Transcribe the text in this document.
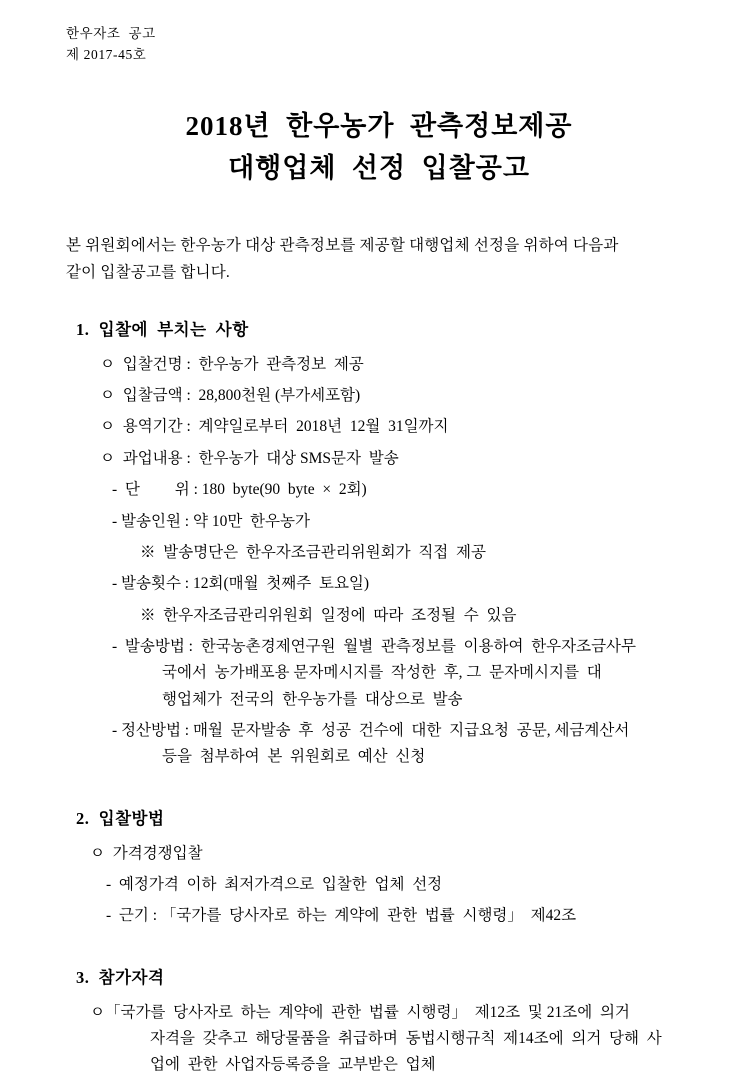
한우자조  공고
제 2017-45호
2018년  한우농가  관측정보제공
대행업체  선정  입찰공고
본 위원회에서는 한우농가 대상 관측정보를 제공할 대행업체 선정을 위하여 다음과
같이 입찰공고를 합니다.
1.  입찰에  부치는  사항
ㅇ  입찰건명 :  한우농가  관측정보  제공
ㅇ  입찰금액 :  28,800천원 (부가세포함)
ㅇ  용역기간 :  계약일로부터  2018년  12월  31일까지
ㅇ  과업내용 :  한우농가  대상 SMS문자  발송
-  단         위 : 180  byte(90  byte  ×  2회)
- 발송인원 : 약 10만  한우농가
※  발송명단은  한우자조금관리위원회가  직접  제공
- 발송횟수 : 12회(매월  첫째주  토요일)
※  한우자조금관리위원회  일정에  따라  조정될  수  있음
-  발송방법 :  한국농촌경제연구원  월별  관측정보를  이용하여  한우자조금사무
국에서  농가배포용 문자메시지를  작성한  후, 그  문자메시지를  대
행업체가  전국의  한우농가를  대상으로  발송
- 정산방법 : 매월  문자발송  후  성공  건수에  대한  지급요청  공문, 세금계산서
등을  첨부하여  본  위원회로  예산  신청
2.  입찰방법
ㅇ  가격경쟁입찰
-  예정가격  이하  최저가격으로  입찰한  업체  선정
-  근기 : 「국가를  당사자로  하는  계약에  관한  법률  시행령」  제42조
3.  참가자격
ㅇ「국가를  당사자로  하는  계약에  관한  법률  시행령」  제12조  및 21조에  의거
자격을  갖추고  해당물품을  취급하며  동법시행규칙  제14조에  의거  당해  사
업에  관한  사업자등록증을  교부받은  업체
